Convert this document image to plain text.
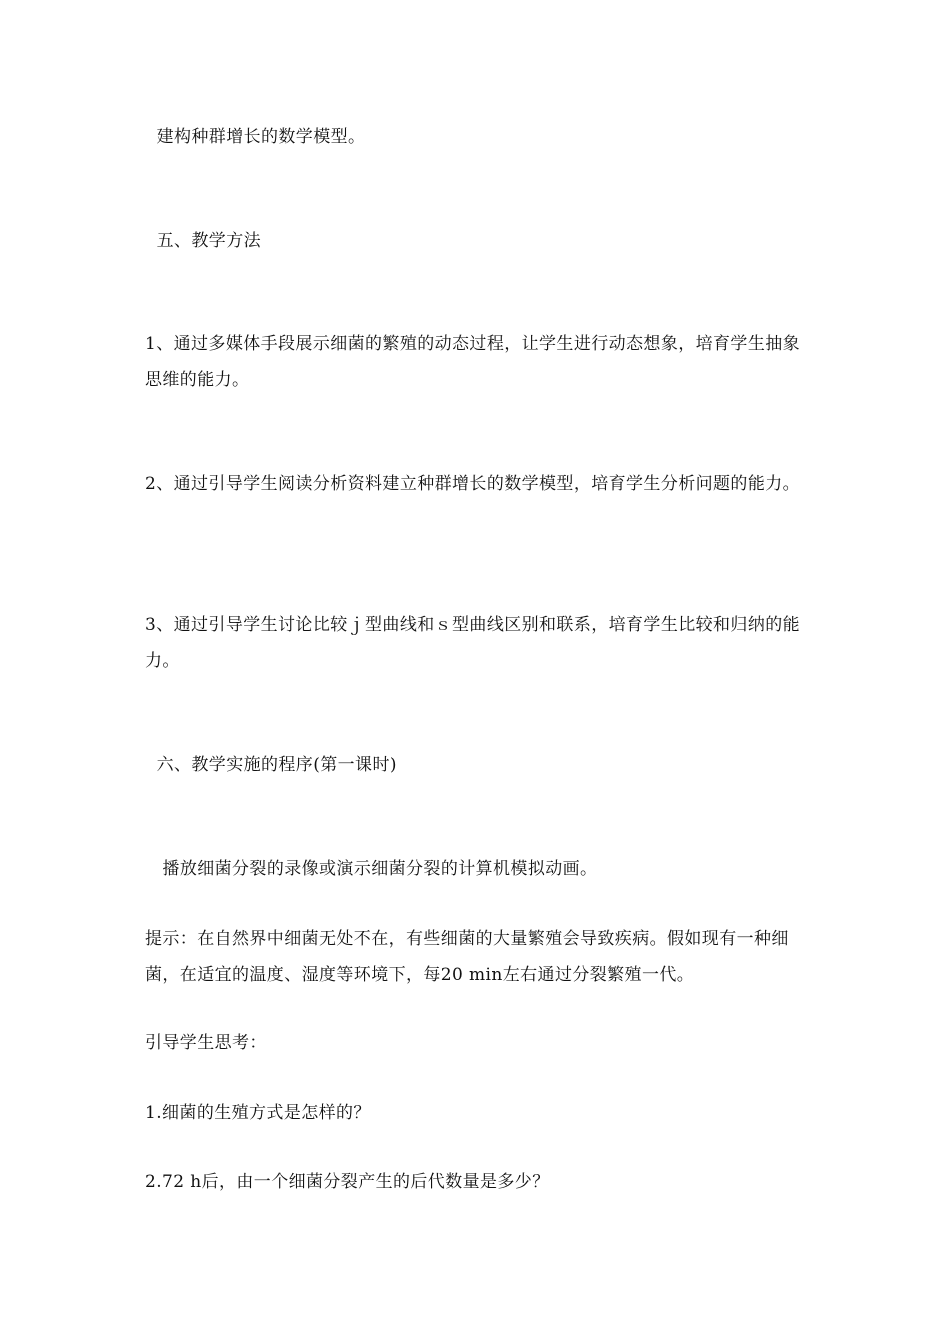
建构种群增长的数学模型。
五、教学方法
1、通过多媒体手段展示细菌的繁殖的动态过程，让学生进行动态想象，培育学生抽象思维的能力。
2、通过引导学生阅读分析资料建立种群增长的数学模型，培育学生分析问题的能力。
3、通过引导学生讨论比较ｊ型曲线和ｓ型曲线区别和联系，培育学生比较和归纳的能力。
六、教学实施的程序(第一课时)
播放细菌分裂的录像或演示细菌分裂的计算机模拟动画。
提示：在自然界中细菌无处不在，有些细菌的大量繁殖会导致疾病。假如现有一种细菌，在适宜的温度、湿度等环境下，每20 min左右通过分裂繁殖一代。
引导学生思考：
1.细菌的生殖方式是怎样的？
2.72 h后，由一个细菌分裂产生的后代数量是多少？
